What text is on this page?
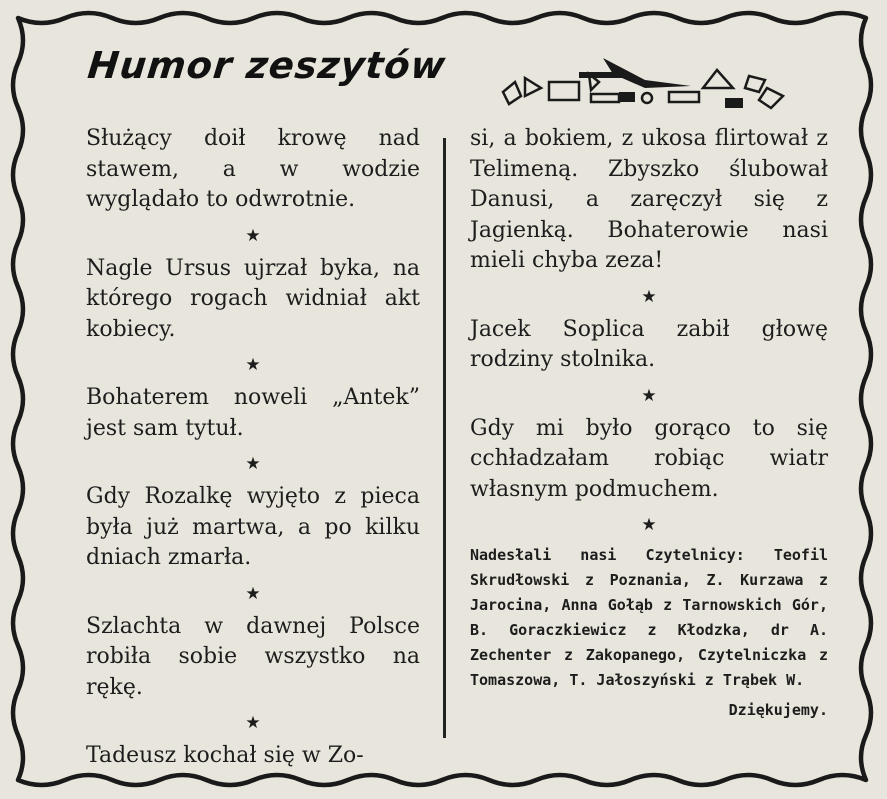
Humor zeszytów

Służący doił krowę nad stawem, a w wodzie wyglądało to odwrotnie.

★

Nagle Ursus ujrzał byka, na którego rogach widniał akt kobiecy.

★

Bohaterem noweli „Antek” jest sam tytuł.

★

Gdy Rozalkę wyjęto z pieca była już martwa, a po kilku dniach zmarła.

★

Szlachta w dawnej Polsce robiła sobie wszystko na rękę.

★

Tadeusz kochał się w Zo-

si, a bokiem, z ukosa flirtował z Telimeną. Zbyszko ślubował Danusi, a zaręczył się z Jagienką. Bohaterowie nasi mieli chyba zeza!

★

Jacek Soplica zabił głowę rodziny stolnika.

★

Gdy mi było gorąco to się cchładzałam robiąc wiatr własnym podmuchem.

★

Nadesłali nasi Czytelnicy: Teofil Skrudłowski z Poznania, Z. Kurzawa z Jarocina, Anna Gołąb z Tarnowskich Gór, B. Goraczkiewicz z Kłodzka, dr A. Zechenter z Zakopanego, Czytelniczka z Tomaszowa, T. Jałoszyński z Trąbek W.

Dziękujemy.
